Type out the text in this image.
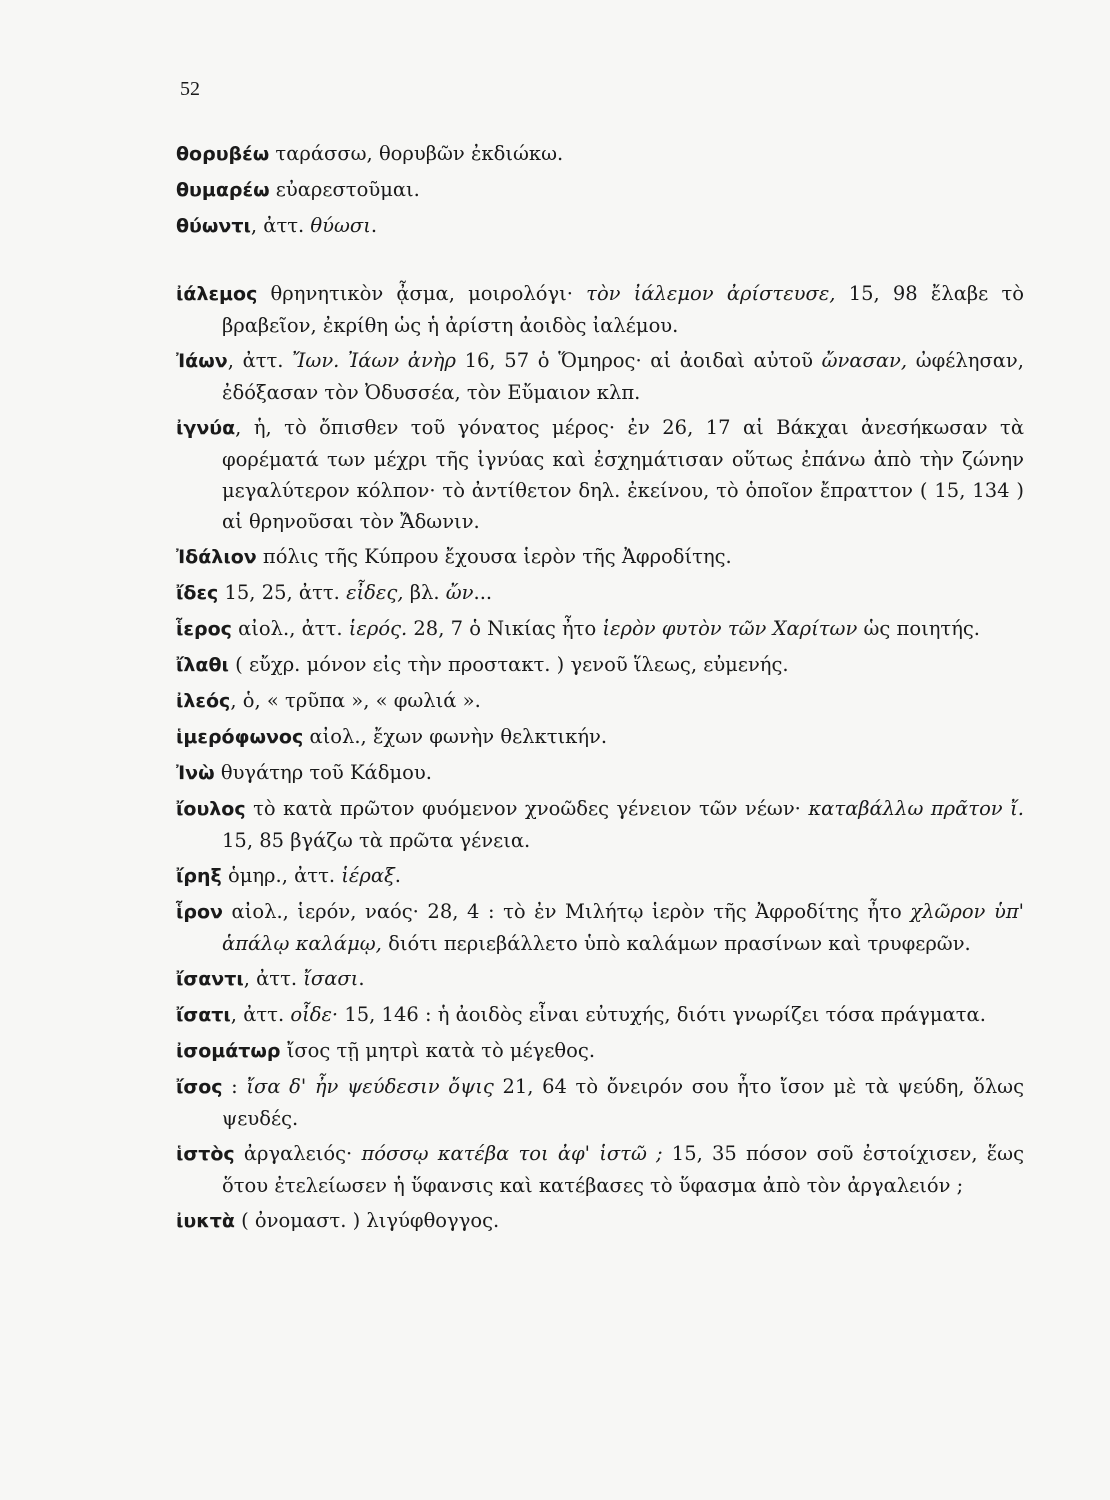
52

θορυβέω ταράσσω, θορυβῶν ἐκδιώκω.

θυμαρέω εὐαρεστοῦμαι.

θύωντι, ἀττ. θύωσι.

ἰάλεμος θρηνητικὸν ᾆσμα, μοιρολόγι· τὸν ἰάλεμον ἀρίστευσε, 15, 98 ἔλαβε τὸ βραβεῖον, ἐκρίθη ὡς ἡ ἀρίστη ἀοιδὸς ἰαλέμου.

Ἰάων, ἀττ. Ἴων. Ἰάων ἀνὴρ 16, 57 ὁ Ὅμηρος· αἱ ἀοιδαὶ αὐτοῦ ὤνασαν, ὠφέλησαν, ἐδόξασαν τὸν Ὀδυσσέα, τὸν Εὔμαιον κλπ.

ἰγνύα, ἡ, τὸ ὄπισθεν τοῦ γόνατος μέρος· ἐν 26, 17 αἱ Βάκχαι ἀνεσήκωσαν τὰ φορέματά των μέχρι τῆς ἰγνύας καὶ ἐσχημάτισαν οὕτως ἐπάνω ἀπὸ τὴν ζώνην μεγαλύτερον κόλπον· τὸ ἀντίθετον δηλ. ἐκείνου, τὸ ὁποῖον ἔπραττον ( 15, 134 ) αἱ θρηνοῦσαι τὸν Ἄδωνιν.

Ἰδάλιον πόλις τῆς Κύπρου ἔχουσα ἱερὸν τῆς Ἀφροδίτης.

ἴδες 15, 25, ἀττ. εἶδες, βλ. ὤν...

ἷερος αἰολ., ἀττ. ἱερός. 28, 7 ὁ Νικίας ἦτο ἱερὸν φυτὸν τῶν Χαρίτων ὡς ποιητής.

ἴλαθι ( εὔχρ. μόνον εἰς τὴν προστακτ. ) γενοῦ ἵλεως, εὐμενής.

ἰλεός, ὁ, « τρῦπα », « φωλιά ».

ἱμερόφωνος αἰολ., ἔχων φωνὴν θελκτικήν.

Ἰνὼ θυγάτηρ τοῦ Κάδμου.

ἴουλος τὸ κατὰ πρῶτον φυόμενον χνοῶδες γένειον τῶν νέων· καταβάλλω πρᾶτον ἴ. 15, 85 βγάζω τὰ πρῶτα γένεια.

ἴρηξ ὁμηρ., ἀττ. ἱέραξ.

ἷρον αἰολ., ἱερόν, ναός· 28, 4 : τὸ ἐν Μιλήτῳ ἱερὸν τῆς Ἀφροδίτης ἦτο χλῶρον ὑπ' ἁπάλῳ καλάμῳ, διότι περιεβάλλετο ὑπὸ καλάμων πρασίνων καὶ τρυφερῶν.

ἴσαντι, ἀττ. ἴσασι.

ἴσατι, ἀττ. οἶδε· 15, 146 : ἡ ἀοιδὸς εἶναι εὐτυχής, διότι γνωρίζει τόσα πράγματα.

ἰσομάτωρ ἴσος τῇ μητρὶ κατὰ τὸ μέγεθος.

ἴσος : ἴσα δ' ἦν ψεύδεσιν ὄψις 21, 64 τὸ ὄνειρόν σου ἦτο ἴσον μὲ τὰ ψεύδη, ὅλως ψευδές.

ἱστὸς ἀργαλειός· πόσσῳ κατέβα τοι ἀφ' ἱστῶ ; 15, 35 πόσον σοῦ ἐστοίχισεν, ἕως ὅτου ἐτελείωσεν ἡ ὕφανσις καὶ κατέβασες τὸ ὕφασμα ἀπὸ τὸν ἀργαλειόν ;

ἰυκτὰ ( ὀνομαστ. ) λιγύφθογγος.
